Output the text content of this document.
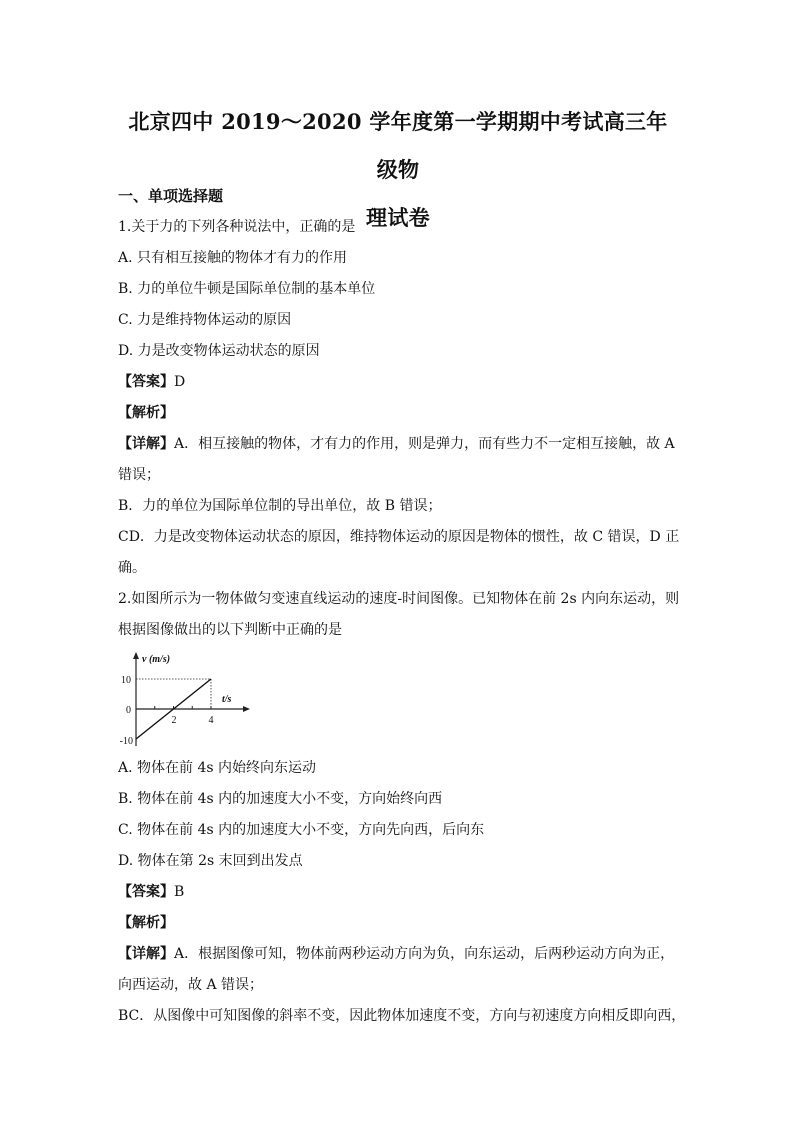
北京四中 2019～2020 学年度第一学期期中考试高三年级物
理试卷
一、单项选择题
1.关于力的下列各种说法中，正确的是
A. 只有相互接触的物体才有力的作用
B. 力的单位牛顿是国际单位制的基本单位
C. 力是维持物体运动的原因
D. 力是改变物体运动状态的原因
【答案】D
【解析】
【详解】A．相互接触的物体，才有力的作用，则是弹力，而有些力不一定相互接触，故 A
错误；
B．力的单位为国际单位制的导出单位，故 B 错误；
CD．力是改变物体运动状态的原因，维持物体运动的原因是物体的惯性，故 C 错误，D 正
确。
2.如图所示为一物体做匀变速直线运动的速度-时间图像。已知物体在前 2s 内向东运动，则
根据图像做出的以下判断中正确的是
v (m/s)
t/s
10
0
-10
2	4
A. 物体在前 4s 内始终向东运动
B. 物体在前 4s 内的加速度大小不变，方向始终向西
C. 物体在前 4s 内的加速度大小不变，方向先向西，后向东
D. 物体在第 2s 末回到出发点
【答案】B
【解析】
【详解】A．根据图像可知，物体前两秒运动方向为负，向东运动，后两秒运动方向为正，
向西运动，故 A 错误；
BC．从图像中可知图像的斜率不变，因此物体加速度不变，方向与初速度方向相反即向西，
